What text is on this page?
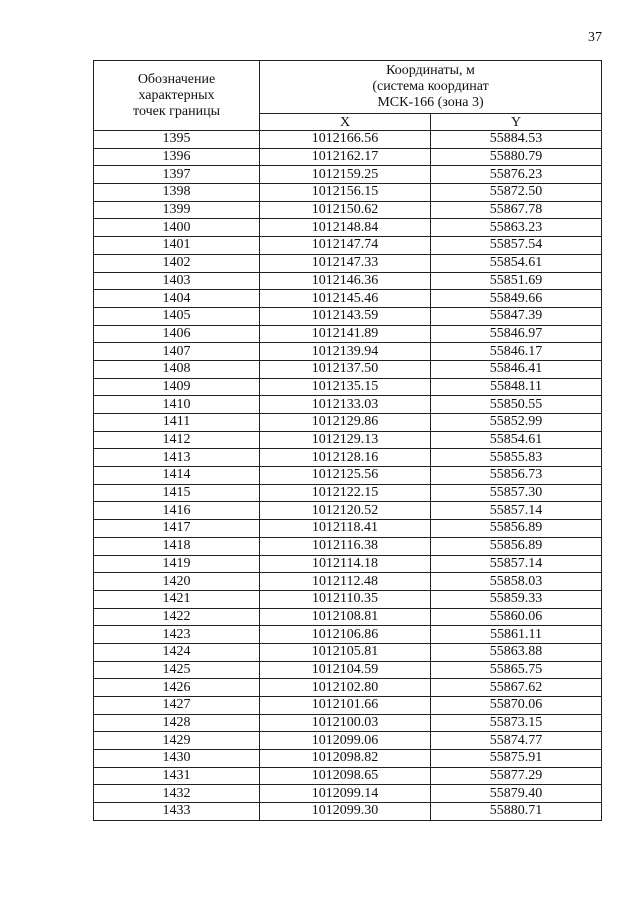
37
Обозначение
характерных
точек границы	Координаты, м
(система координат
МСК-166 (зона 3)	

	X	Y
1395	1012166.56	55884.53
1396	1012162.17	55880.79
1397	1012159.25	55876.23
1398	1012156.15	55872.50
1399	1012150.62	55867.78
1400	1012148.84	55863.23
1401	1012147.74	55857.54
1402	1012147.33	55854.61
1403	1012146.36	55851.69
1404	1012145.46	55849.66
1405	1012143.59	55847.39
1406	1012141.89	55846.97
1407	1012139.94	55846.17
1408	1012137.50	55846.41
1409	1012135.15	55848.11
1410	1012133.03	55850.55
1411	1012129.86	55852.99
1412	1012129.13	55854.61
1413	1012128.16	55855.83
1414	1012125.56	55856.73
1415	1012122.15	55857.30
1416	1012120.52	55857.14
1417	1012118.41	55856.89
1418	1012116.38	55856.89
1419	1012114.18	55857.14
1420	1012112.48	55858.03
1421	1012110.35	55859.33
1422	1012108.81	55860.06
1423	1012106.86	55861.11
1424	1012105.81	55863.88
1425	1012104.59	55865.75
1426	1012102.80	55867.62
1427	1012101.66	55870.06
1428	1012100.03	55873.15
1429	1012099.06	55874.77
1430	1012098.82	55875.91
1431	1012098.65	55877.29
1432	1012099.14	55879.40
1433	1012099.30	55880.71
